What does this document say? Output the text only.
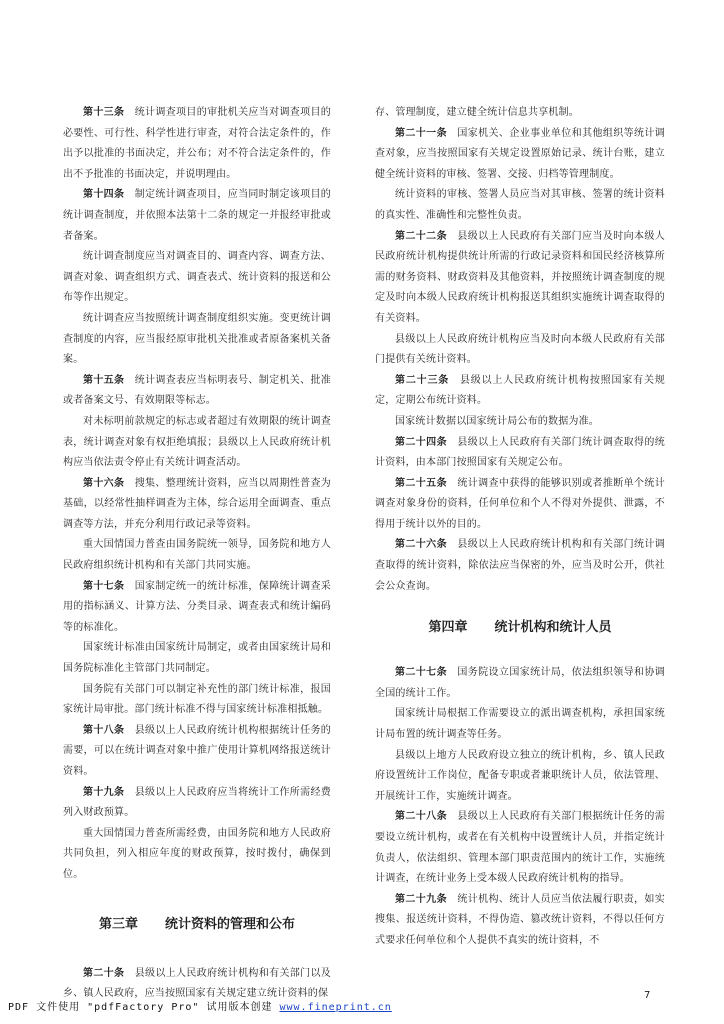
第十三条　统计调查项目的审批机关应当对调查项目的必要性、可行性、科学性进行审查，对符合法定条件的，作出予以批准的书面决定，并公布；对不符合法定条件的，作出不予批准的书面决定，并说明理由。

第十四条　制定统计调查项目，应当同时制定该项目的统计调查制度，并依照本法第十二条的规定一并报经审批或者备案。

统计调查制度应当对调查目的、调查内容、调查方法、调查对象、调查组织方式、调查表式、统计资料的报送和公布等作出规定。

统计调查应当按照统计调查制度组织实施。变更统计调查制度的内容，应当报经原审批机关批准或者原备案机关备案。

第十五条　统计调查表应当标明表号、制定机关、批准或者备案文号、有效期限等标志。

对未标明前款规定的标志或者超过有效期限的统计调查表，统计调查对象有权拒绝填报；县级以上人民政府统计机构应当依法责令停止有关统计调查活动。

第十六条　搜集、整理统计资料，应当以周期性普查为基础，以经常性抽样调查为主体，综合运用全面调查、重点调查等方法，并充分利用行政记录等资料。

重大国情国力普查由国务院统一领导，国务院和地方人民政府组织统计机构和有关部门共同实施。

第十七条　国家制定统一的统计标准，保障统计调查采用的指标涵义、计算方法、分类目录、调查表式和统计编码等的标准化。

国家统计标准由国家统计局制定，或者由国家统计局和国务院标准化主管部门共同制定。

国务院有关部门可以制定补充性的部门统计标准，报国家统计局审批。部门统计标准不得与国家统计标准相抵触。

第十八条　县级以上人民政府统计机构根据统计任务的需要，可以在统计调查对象中推广使用计算机网络报送统计资料。

第十九条　县级以上人民政府应当将统计工作所需经费列入财政预算。

重大国情国力普查所需经费，由国务院和地方人民政府共同负担，列入相应年度的财政预算，按时拨付，确保到位。

第三章 统计资料的管理和公布

第二十条　县级以上人民政府统计机构和有关部门以及乡、镇人民政府，应当按照国家有关规定建立统计资料的保

存、管理制度，建立健全统计信息共享机制。

第二十一条　国家机关、企业事业单位和其他组织等统计调查对象，应当按照国家有关规定设置原始记录、统计台账，建立健全统计资料的审核、签署、交接、归档等管理制度。

统计资料的审核、签署人员应当对其审核、签署的统计资料的真实性、准确性和完整性负责。

第二十二条　县级以上人民政府有关部门应当及时向本级人民政府统计机构提供统计所需的行政记录资料和国民经济核算所需的财务资料、财政资料及其他资料，并按照统计调查制度的规定及时向本级人民政府统计机构报送其组织实施统计调查取得的有关资料。

县级以上人民政府统计机构应当及时向本级人民政府有关部门提供有关统计资料。

第二十三条　县级以上人民政府统计机构按照国家有关规定，定期公布统计资料。

国家统计数据以国家统计局公布的数据为准。

第二十四条　县级以上人民政府有关部门统计调查取得的统计资料，由本部门按照国家有关规定公布。

第二十五条　统计调查中获得的能够识别或者推断单个统计调查对象身份的资料，任何单位和个人不得对外提供、泄露，不得用于统计以外的目的。

第二十六条　县级以上人民政府统计机构和有关部门统计调查取得的统计资料，除依法应当保密的外，应当及时公开，供社会公众查询。

第四章 统计机构和统计人员

第二十七条　国务院设立国家统计局，依法组织领导和协调全国的统计工作。

国家统计局根据工作需要设立的派出调查机构，承担国家统计局布置的统计调查等任务。

县级以上地方人民政府设立独立的统计机构，乡、镇人民政府设置统计工作岗位，配备专职或者兼职统计人员，依法管理、开展统计工作，实施统计调查。

第二十八条　县级以上人民政府有关部门根据统计任务的需要设立统计机构，或者在有关机构中设置统计人员，并指定统计负责人，依法组织、管理本部门职责范围内的统计工作，实施统计调查，在统计业务上受本级人民政府统计机构的指导。

第二十九条　统计机构、统计人员应当依法履行职责，如实搜集、报送统计资料，不得伪造、篡改统计资料，不得以任何方式要求任何单位和个人提供不真实的统计资料，不

7
PDF 文件使用 "pdfFactory Pro" 试用版本创建 www.fineprint.cn
